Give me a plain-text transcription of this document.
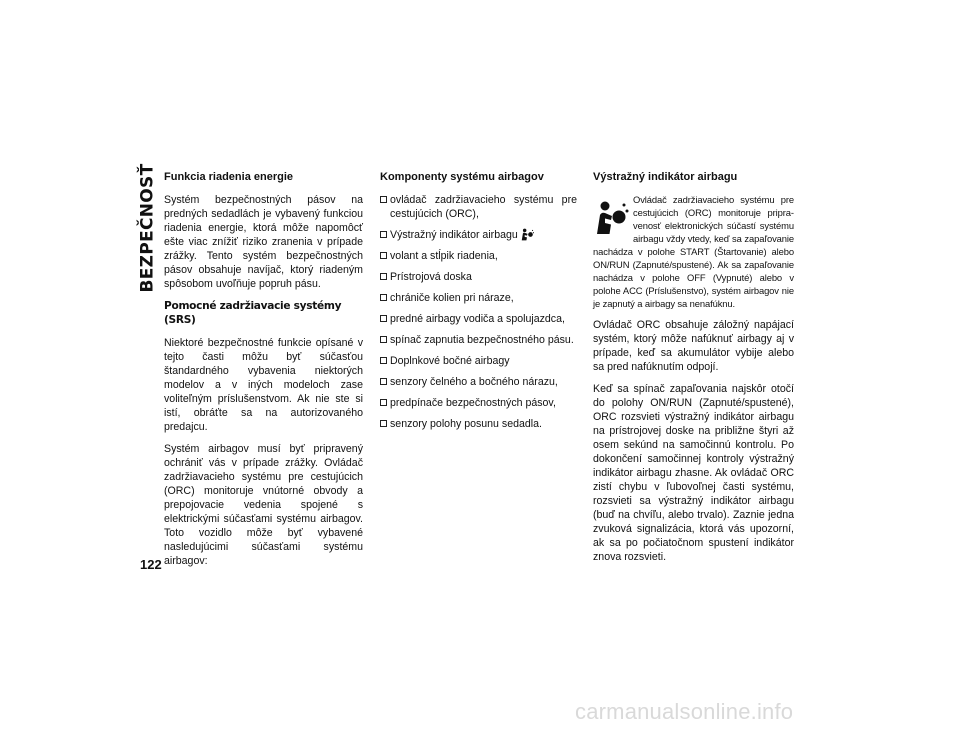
BEZPEČNOSŤ Funkcia riadenia energie

Systém bezpečnostných pásov na predných sedadlách je vybavený funkciou riadenia energie, ktorá môže napomôcť ešte viac znížiť riziko zranenia v prípade zrážky. Tento systém bezpečnostných pásov obsahuje navíjač, ktorý riadeným spôsobom uvoľňuje popruh pásu.

Pomocné zadržiavacie systémy (SRS)

Niektoré bezpečnostné funkcie opísané v tejto časti môžu byť súčasťou štandardného vybavenia niektorých modelov a v iných modeloch zase voliteľným príslušenstvom. Ak nie ste si istí, obráťte sa na autorizovaného predajcu.

Systém airbagov musí byť pripravený ochrániť vás v prípade zrážky. Ovládač zadržiavacieho systému pre cestujúcich (ORC) monitoruje vnútorné obvody a prepojovacie vedenia spojené s elektrickými súčasťami systému airbagov. Toto vozidlo môže byť vybavené nasledujúcimi súčasťami systému airbagov:

Komponenty systému airbagov
ovládač zadržiavacieho systému pre cestujúcich (ORC),
Výstražný indikátor airbagu
volant a stĺpik riadenia,
Prístrojová doska
chrániče kolien pri náraze,
predné airbagy vodiča a spolujazdca,
spínač zapnutia bezpečnostného pásu.
Doplnkové bočné airbagy
senzory čelného a bočného nárazu,
predpínače bezpečnostných pásov,
senzory polohy posunu sedadla.
Výstražný indikátor airbagu
Ovládač zadržiavacieho systému pre cestujúcich (ORC) monitoruje pripravenosť elektronických súčastí systému airbagu vždy vtedy, keď sa zapaľovanie nachádza v polohe START (Štartovanie) alebo ON/RUN (Zapnuté/spustené). Ak sa zapaľovanie nachádza v polohe OFF (Vypnuté) alebo v polohe ACC (Príslušenstvo), systém airbagov nie je zapnutý a airbagy sa nenafúknu.

Ovládač ORC obsahuje záložný napájací systém, ktorý môže nafúknuť airbagy aj v prípade, keď sa akumulátor vybije alebo sa pred nafúknutím odpojí.

Keď sa spínač zapaľovania najskôr otočí do polohy ON/RUN (Zapnuté/spustené), ORC rozsvieti výstražný indikátor airbagu na prístrojovej doske na približne štyri až osem sekúnd na samočinnú kontrolu. Po dokončení samočinnej kontroly výstražný indikátor airbagu zhasne. Ak ovládač ORC zistí chybu v ľubovoľnej časti systému, rozsvieti sa výstražný indikátor airbagu (buď na chvíľu, alebo trvalo). Zaznie jedna zvuková signalizácia, ktorá vás upozorní, ak sa po počiatočnom spustení indikátor znova rozsvieti.

122
carmanualsonline.info
